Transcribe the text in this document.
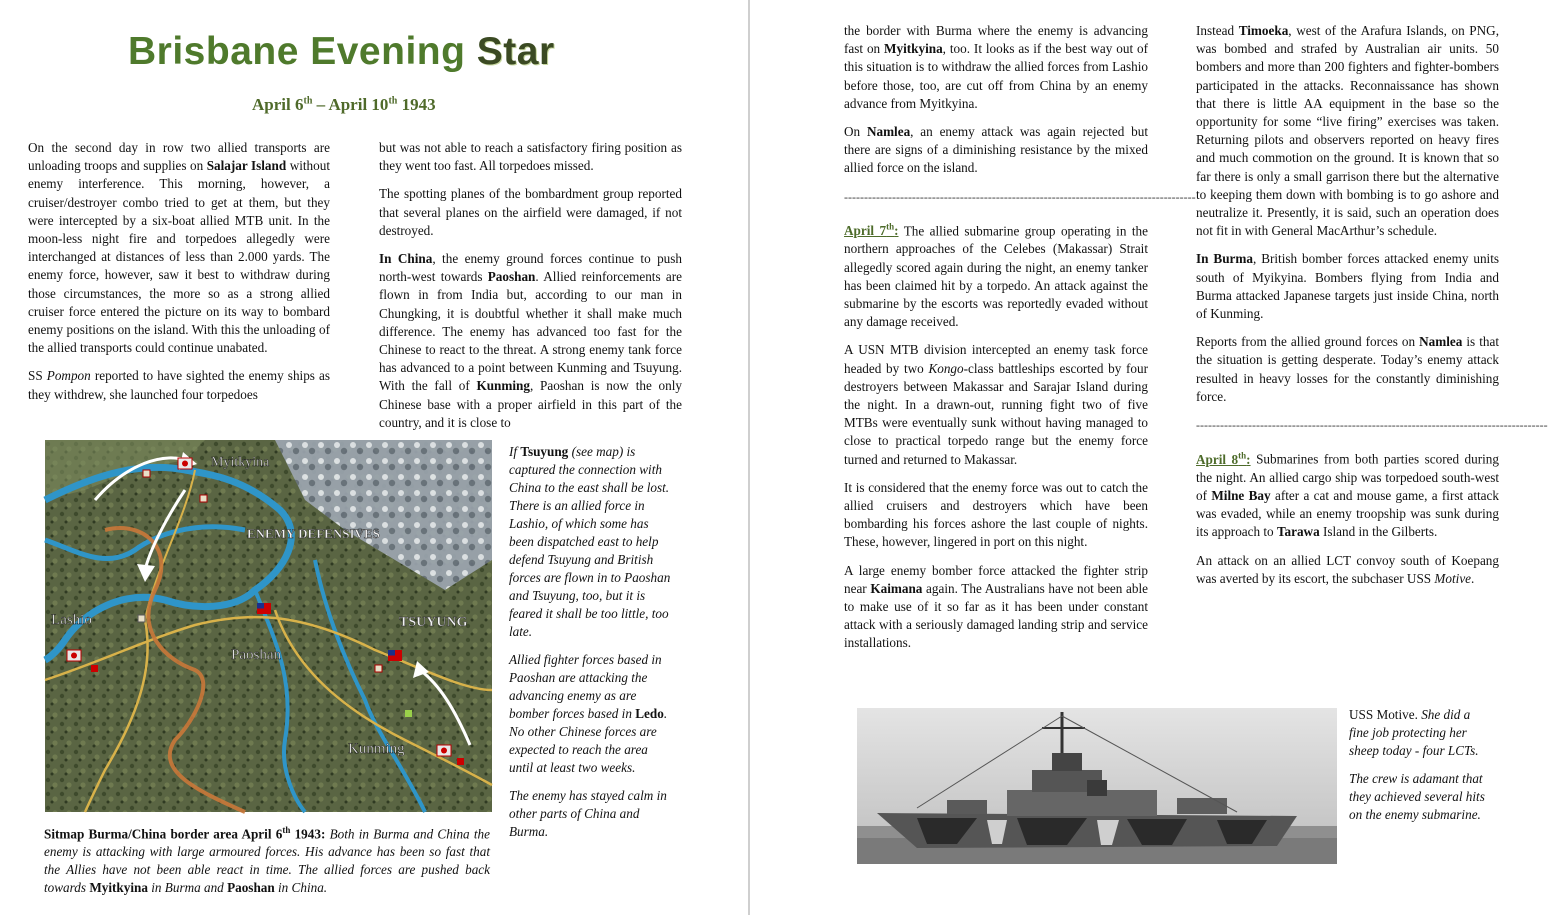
Brisbane Evening Star
April 6th – April 10th 1943

On the second day in row two allied transports are unloading troops and supplies on Salajar Island without enemy interference. This morning, however, a cruiser/destroyer combo tried to get at them, but they were intercepted by a six-boat allied MTB unit. In the moon-less night fire and torpedoes allegedly were interchanged at distances of less than 2.000 yards. The enemy force, however, saw it best to withdraw during those circumstances, the more so as a strong allied cruiser force entered the picture on its way to bombard enemy positions on the island. With this the unloading of the allied transports could continue unabated.

SS Pompon reported to have sighted the enemy ships as they withdrew, she launched four torpedoes

but was not able to reach a satisfactory firing position as they went too fast. All torpedoes missed.

The spotting planes of the bombardment group reported that several planes on the airfield were damaged, if not destroyed.

In China, the enemy ground forces continue to push north-west towards Paoshan. Allied reinforcements are flown in from India but, according to our man in Chungking, it is doubtful whether it shall make much difference. The enemy has advanced too fast for the Chinese to react to the threat. A strong enemy tank force has advanced to a point between Kunming and Tsuyung. With the fall of Kunming, Paoshan is now the only Chinese base with a proper airfield in this part of the country, and it is close to

Myitkyina
Lashio
Paoshan
Kunming
TSUYUNG
ENEMY DEFENSIVES
Sitmap Burma/China border area April 6th 1943: Both in Burma and China the enemy is attacking with large armoured forces. His advance has been so fast that the Allies have not been able react in time. The allied forces are pushed back towards Myitkyina in Burma and Paoshan in China.

If Tsuyung (see map) is captured the connection with China to the east shall be lost. There is an allied force in Lashio, of which some has been dispatched east to help defend Tsuyung and British forces are flown in to Paoshan and Tsuyung, too, but it is feared it shall be too little, too late.

Allied fighter forces based in Paoshan are attacking the advancing enemy as are bomber forces based in Ledo. No other Chinese forces are expected to reach the area until at least two weeks.

The enemy has stayed calm in other parts of China and Burma.

the border with Burma where the enemy is advancing fast on Myitkyina, too. It looks as if the best way out of this situation is to withdraw the allied forces from Lashio before those, too, are cut off from China by an enemy advance from Myitkyina.

On Namlea, an enemy attack was again rejected but there are signs of a diminishing resistance by the mixed allied force on the island.

----------------------------------------------------------------------------------------

April 7th: The allied submarine group operating in the northern approaches of the Celebes (Makassar) Strait allegedly scored again during the night, an enemy tanker has been claimed hit by a torpedo. An attack against the submarine by the escorts was reportedly evaded without any damage received.

A USN MTB division intercepted an enemy task force headed by two Kongo-class battleships escorted by four destroyers between Makassar and Sarajar Island during the night. In a drawn-out, running fight two of five MTBs were eventually sunk without having managed to close to practical torpedo range but the enemy force turned and returned to Makassar.

It is considered that the enemy force was out to catch the allied cruisers and destroyers which have been bombarding his forces ashore the last couple of nights. These, however, lingered in port on this night.

A large enemy bomber force attacked the fighter strip near Kaimana again. The Australians have not been able to make use of it so far as it has been under constant attack with a seriously damaged landing strip and service installations.

Instead Timoeka, west of the Arafura Islands, on PNG, was bombed and strafed by Australian air units. 50 bombers and more than 200 fighters and fighter-bombers participated in the attacks. Reconnaissance has shown that there is little AA equipment in the base so the opportunity for some “live firing” exercises was taken. Returning pilots and observers reported on heavy fires and much commotion on the ground. It is known that so far there is only a small garrison there but the alternative to keeping them down with bombing is to go ashore and neutralize it. Presently, it is said, such an operation does not fit in with General MacArthur’s schedule.

In Burma, British bomber forces attacked enemy units south of Myikyina. Bombers flying from India and Burma attacked Japanese targets just inside China, north of Kunming.

Reports from the allied ground forces on Namlea is that the situation is getting desperate. Today’s enemy attack resulted in heavy losses for the constantly diminishing force.

----------------------------------------------------------------------------------------

April 8th: Submarines from both parties scored during the night. An allied cargo ship was torpedoed south-west of Milne Bay after a cat and mouse game, a first attack was evaded, while an enemy troopship was sunk during its approach to Tarawa Island in the Gilberts.

An attack on an allied LCT convoy south of Koepang was averted by its escort, the subchaser USS Motive.

USS Motive. She did a fine job protecting her sheep today - four LCTs.

The crew is adamant that they achieved several hits on the enemy submarine.
